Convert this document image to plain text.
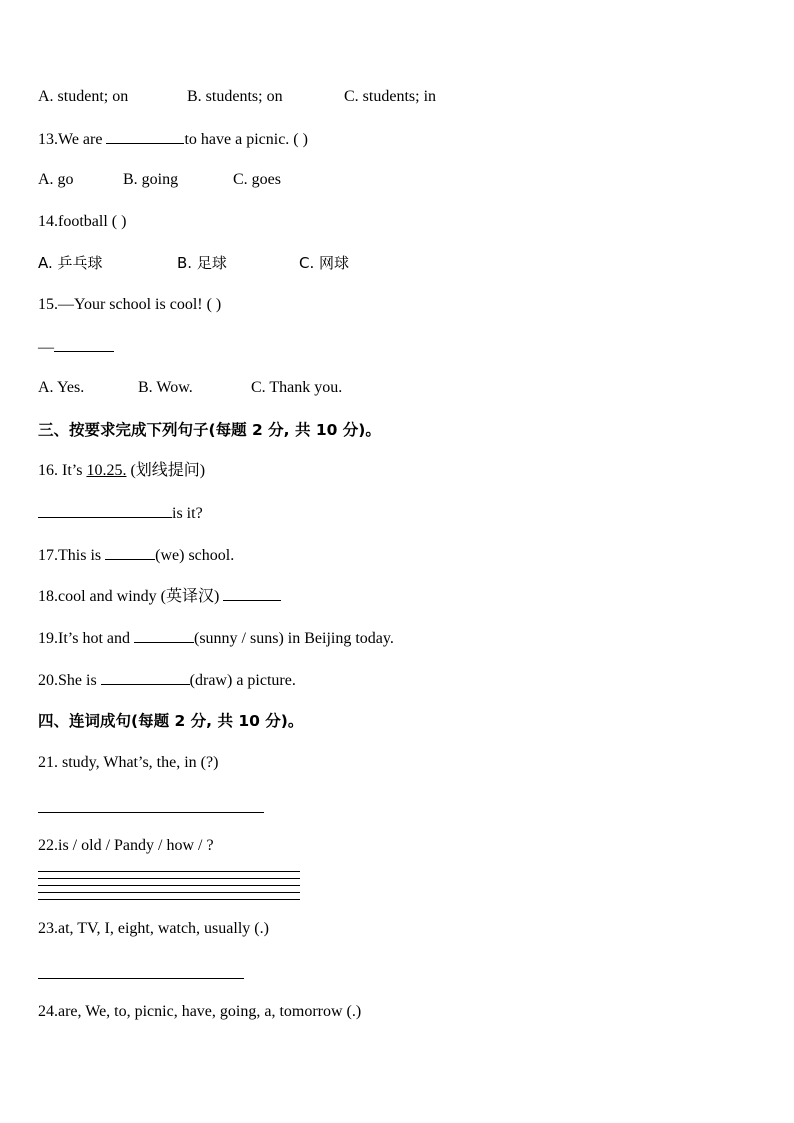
A. student; on	B. students; on	C. students; in
13.We are	to have a picnic. ( )
A. go	B. going	C. goes
14.football ( )
A. 乒乓球	B. 足球	C. 网球
15.—Your school is cool! ( )
—
A. Yes.	B. Wow.	C. Thank you.
三、按要求完成下列句子(每题 2 分, 共 10 分)。
16. It’s 10.25. (划线提问)
is it?
17.This is	(we) school.
18.cool and windy (英译汉)
19.It’s hot and	(sunny / suns) in Beijing today.
20.She is	(draw) a picture.
四、连词成句(每题 2 分, 共 10 分)。
21. study, What’s, the, in (?)
22.is / old / Pandy / how / ?
23.at, TV, I, eight, watch, usually (.)
24.are, We, to, picnic, have, going, a, tomorrow (.)
